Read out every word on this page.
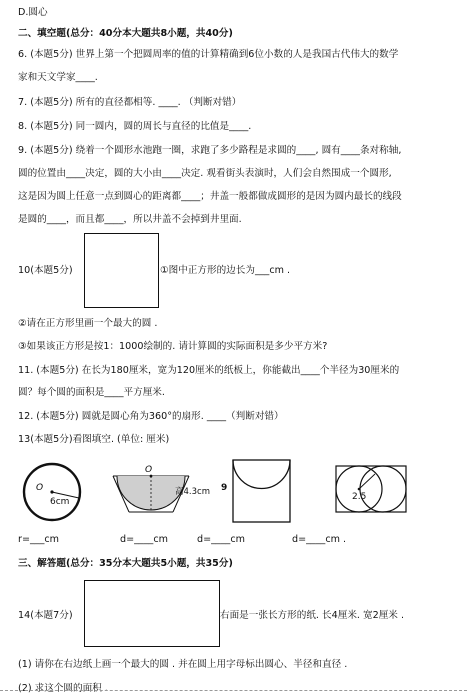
D.圆心
二、填空题(总分：40分本大题共8小题，共40分)
6. (本题5分) 世界上第一个把圆周率的值的计算精确到6位小数的人是我国古代伟大的数学
家和天文学家____.
7. (本题5分) 所有的直径都相等. ____. （判断对错）
8. (本题5分) 同一圆内，圆的周长与直径的比值是____.
9. (本题5分) 绕着一个圆形水池跑一圈，求跑了多少路程是求圆的____, 圆有____条对称轴,
圆的位置由____决定，圆的大小由____决定. 观看街头表演时，人们会自然围成一个圆形,
这是因为圆上任意一点到圆心的距离都____；井盖一般都做成圆形的是因为圆内最长的线段
是圆的____，而且都____，所以井盖不会掉到井里面.
10(本题5分)	①图中正方形的边长为___cm .
②请在正方形里画一个最大的圆 .
③如果该正方形是按1：1000绘制的. 请计算圆的实际面积是多少平方米?
11. (本题5分) 在长为180厘米，宽为120厘米的纸板上，你能截出____个半径为30厘米的
圆？每个圆的面积是____平方厘米.
12. (本题5分) 圆就是圆心角为360°的扇形. ____（判断对错）
13(本题5分)看图填空. (单位: 厘米)
O
6cm
O
高4.3cm 9
2.5
r=___cm	d=____cm	d=____cm	d=____cm .
三、解答题(总分：35分本大题共5小题，共35分)
14(本题7分)	右面是一张长方形的纸. 长4厘米. 宽2厘米 .
(1) 请你在右边纸上画一个最大的圆 . 并在圆上用字母标出圆心、半径和直径 .
(2) 求这个圆的面积 .
